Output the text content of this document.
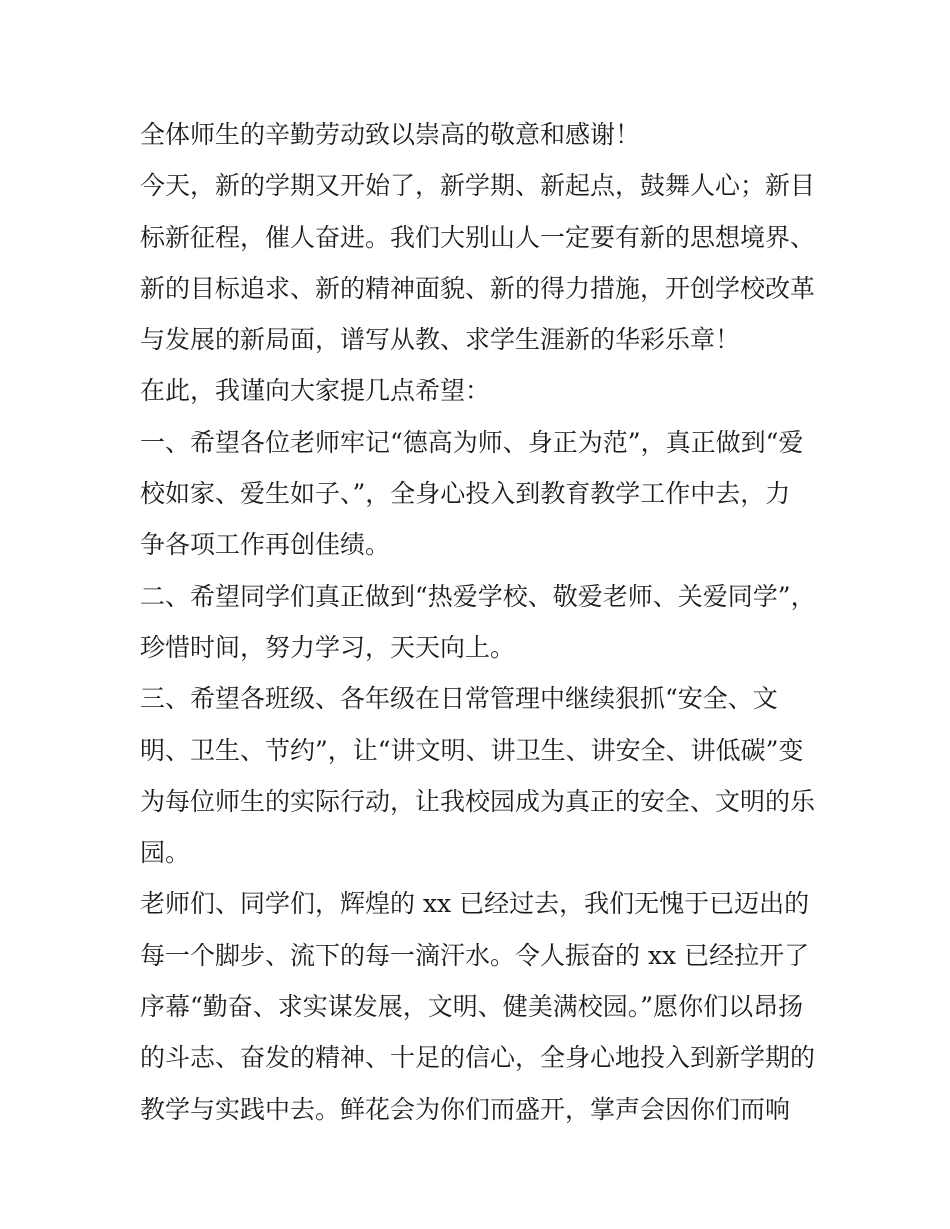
全体师生的辛勤劳动致以崇高的敬意和感谢！
今天，新的学期又开始了，新学期、新起点，鼓舞人心；新目
标新征程，催人奋进。我们大别山人一定要有新的思想境界、
新的目标追求、新的精神面貌、新的得力措施，开创学校改革
与发展的新局面，谱写从教、求学生涯新的华彩乐章！
在此，我谨向大家提几点希望：
一、希望各位老师牢记“德高为师、身正为范”，真正做到“爱
校如家、爱生如子、”，全身心投入到教育教学工作中去，力
争各项工作再创佳绩。
二、希望同学们真正做到“热爱学校、敬爱老师、关爱同学”，
珍惜时间，努力学习，天天向上。
三、希望各班级、各年级在日常管理中继续狠抓“安全、文
明、卫生、节约”，让“讲文明、讲卫生、讲安全、讲低碳”变
为每位师生的实际行动，让我校园成为真正的安全、文明的乐
园。
老师们、同学们，辉煌的 xx 已经过去，我们无愧于已迈出的
每一个脚步、流下的每一滴汗水。令人振奋的 xx 已经拉开了
序幕“勤奋、求实谋发展，文明、健美满校园。”愿你们以昂扬
的斗志、奋发的精神、十足的信心，全身心地投入到新学期的
教学与实践中去。鲜花会为你们而盛开，掌声会因你们而响
